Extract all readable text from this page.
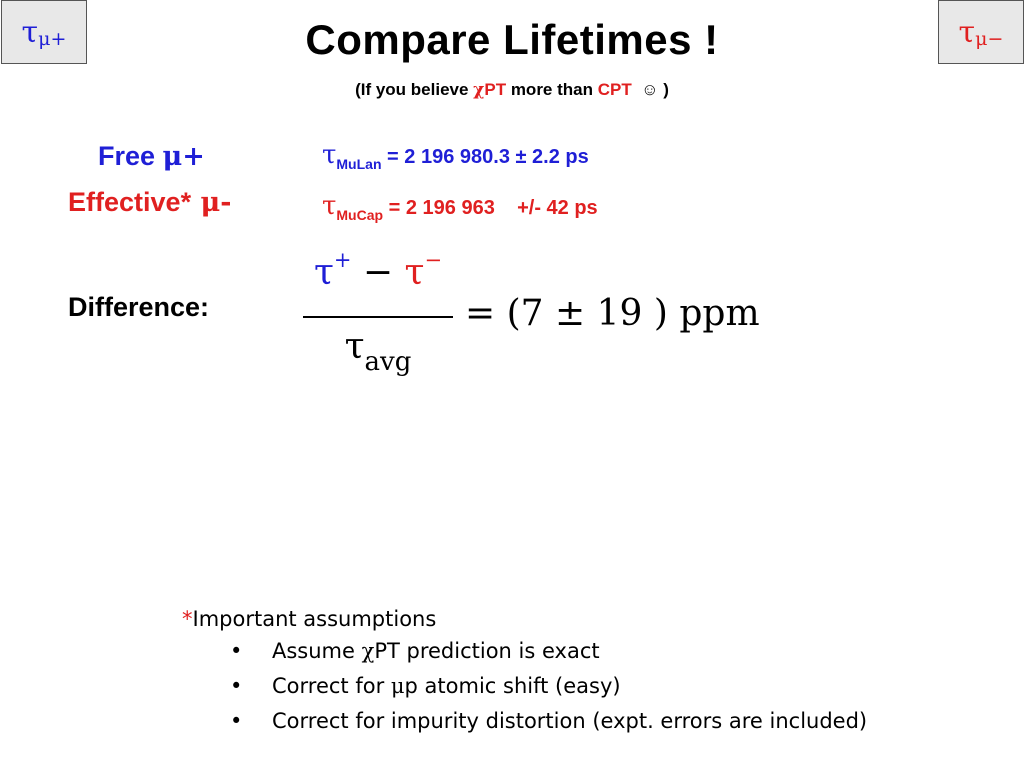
τ μ+	τ μ−
Compare Lifetimes !
(If you believe χPT more than CPT ☺ )
Free μ+
Effective* μ-
$\tau_{MuLan} = 2$ 196 980.3 ± 2.2 ps
$\tau_{MuCap} = 2$ 196 963 +/- 42 ps
Difference:
τ+ − τ−
$\tau_{avg}$
= (7 ± 19 ) ppm
*Important assumptions
• Assume χPT prediction is exact
• Correct for μp atomic shift (easy)
• Correct for impurity distortion (expt. errors are included)
